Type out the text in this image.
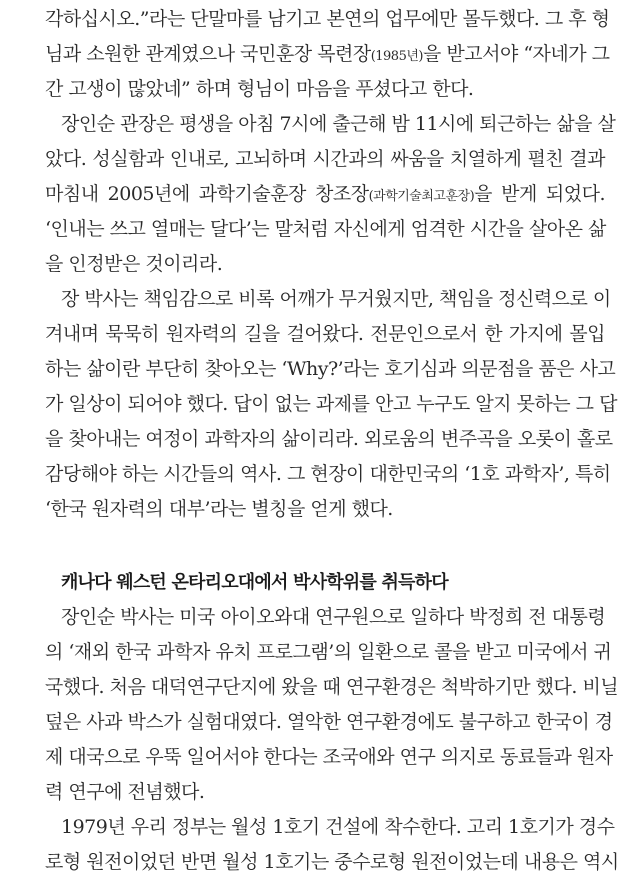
각하십시오.”라는 단말마를 남기고 본연의 업무에만 몰두했다. 그 후 형
님과 소원한 관계였으나 국민훈장 목련장(1985년)을 받고서야 “자네가 그
간 고생이 많았네” 하며 형님이 마음을 푸셨다고 한다.
장인순 관장은 평생을 아침 7시에 출근해 밤 11시에 퇴근하는 삶을 살
았다. 성실함과 인내로, 고뇌하며 시간과의 싸움을 치열하게 펼친 결과
마침내 2005년에 과학기술훈장 창조장(과학기술최고훈장)을 받게 되었다.
‘인내는 쓰고 열매는 달다’는 말처럼 자신에게 엄격한 시간을 살아온 삶
을 인정받은 것이리라.
장 박사는 책임감으로 비록 어깨가 무거웠지만, 책임을 정신력으로 이
겨내며 묵묵히 원자력의 길을 걸어왔다. 전문인으로서 한 가지에 몰입
하는 삶이란 부단히 찾아오는 ‘Why?’라는 호기심과 의문점을 품은 사고
가 일상이 되어야 했다. 답이 없는 과제를 안고 누구도 알지 못하는 그 답
을 찾아내는 여정이 과학자의 삶이리라. 외로움의 변주곡을 오롯이 홀로
감당해야 하는 시간들의 역사. 그 현장이 대한민국의 ‘1호 과학자’, 특히
‘한국 원자력의 대부’라는 별칭을 얻게 했다.
캐나다 웨스턴 온타리오대에서 박사학위를 취득하다
장인순 박사는 미국 아이오와대 연구원으로 일하다 박정희 전 대통령
의 ‘재외 한국 과학자 유치 프로그램’의 일환으로 콜을 받고 미국에서 귀
국했다. 처음 대덕연구단지에 왔을 때 연구환경은 척박하기만 했다. 비닐
덮은 사과 박스가 실험대였다. 열악한 연구환경에도 불구하고 한국이 경
제 대국으로 우뚝 일어서야 한다는 조국애와 연구 의지로 동료들과 원자
력 연구에 전념했다.
1979년 우리 정부는 월성 1호기 건설에 착수한다. 고리 1호기가 경수
로형 원전이었던 반면 월성 1호기는 중수로형 원전이었는데 내용은 역시
